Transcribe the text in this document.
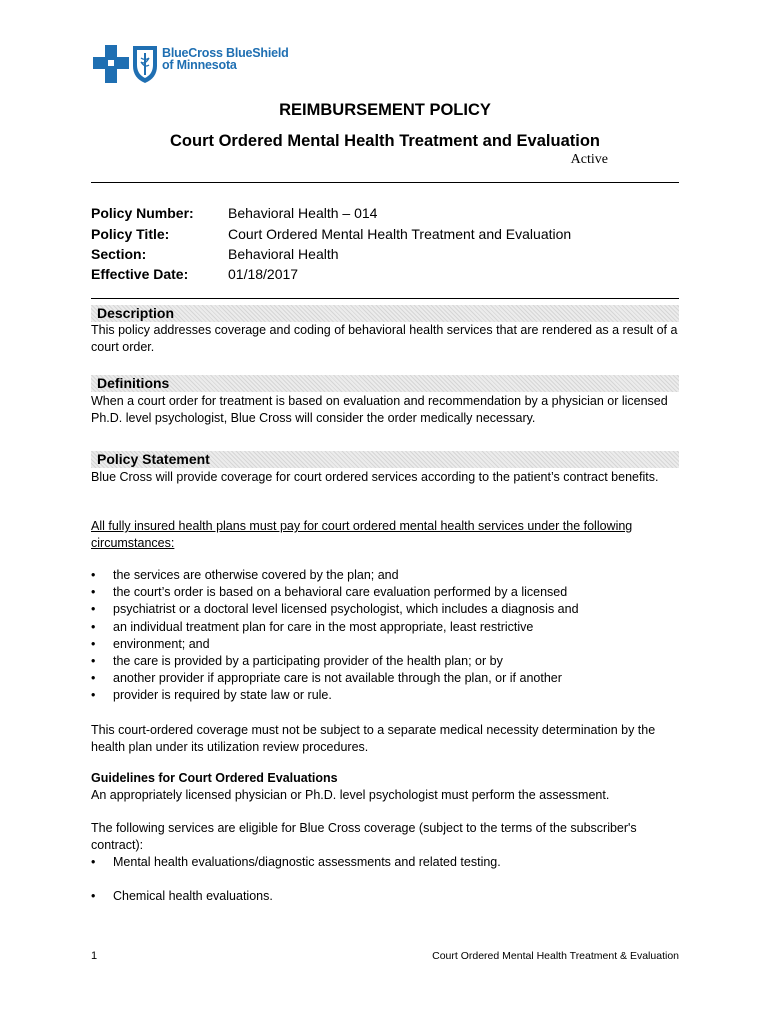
BlueCross BlueShield
of Minnesota
REIMBURSEMENT POLICY
Court Ordered Mental Health Treatment and Evaluation
Active
Policy Number: Behavioral Health – 014
Policy Title:	Court Ordered Mental Health Treatment and Evaluation
Section:	Behavioral Health
Effective Date:	01/18/2017
Description
This policy addresses coverage and coding of behavioral health services that are rendered as a result of a court order.
Definitions
When a court order for treatment is based on evaluation and recommendation by a physician or licensed Ph.D. level psychologist, Blue Cross will consider the order medically necessary.
Policy Statement
Blue Cross will provide coverage for court ordered services according to the patient’s contract benefits.
All fully insured health plans must pay for court ordered mental health services under the following circumstances:
• the services are otherwise covered by the plan; and
• the court’s order is based on a behavioral care evaluation performed by a licensed
• psychiatrist or a doctoral level licensed psychologist, which includes a diagnosis and
• an individual treatment plan for care in the most appropriate, least restrictive
• environment; and
• the care is provided by a participating provider of the health plan; or by
• another provider if appropriate care is not available through the plan, or if another
• provider is required by state law or rule.
This court-ordered coverage must not be subject to a separate medical necessity determination by the health plan under its utilization review procedures.
Guidelines for Court Ordered Evaluations
An appropriately licensed physician or Ph.D. level psychologist must perform the assessment.
The following services are eligible for Blue Cross coverage (subject to the terms of the subscriber's contract):
• Mental health evaluations/diagnostic assessments and related testing.
• Chemical health evaluations.
1	Court Ordered Mental Health Treatment & Evaluation
